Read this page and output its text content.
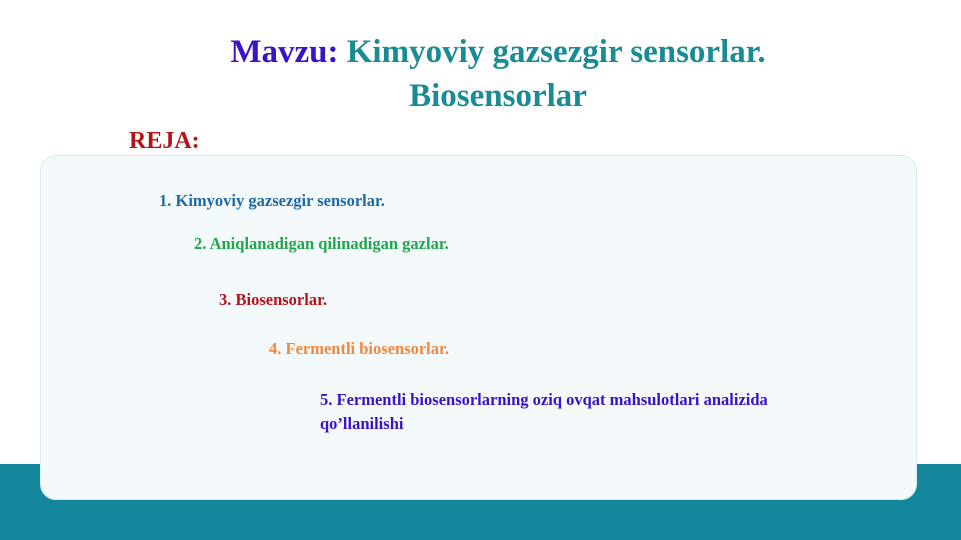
Mavzu: Kimyoviy gazsezgir sensorlar.
Biosensorlar
REJA:

1. Kimyoviy gazsezgir sensorlar.

2. Aniqlanadigan qilinadigan gazlar.

3. Biosensorlar.

4. Fermentli biosensorlar.

5. Fermentli biosensorlarning oziq ovqat mahsulotlari analizida
qo’llanilishi
